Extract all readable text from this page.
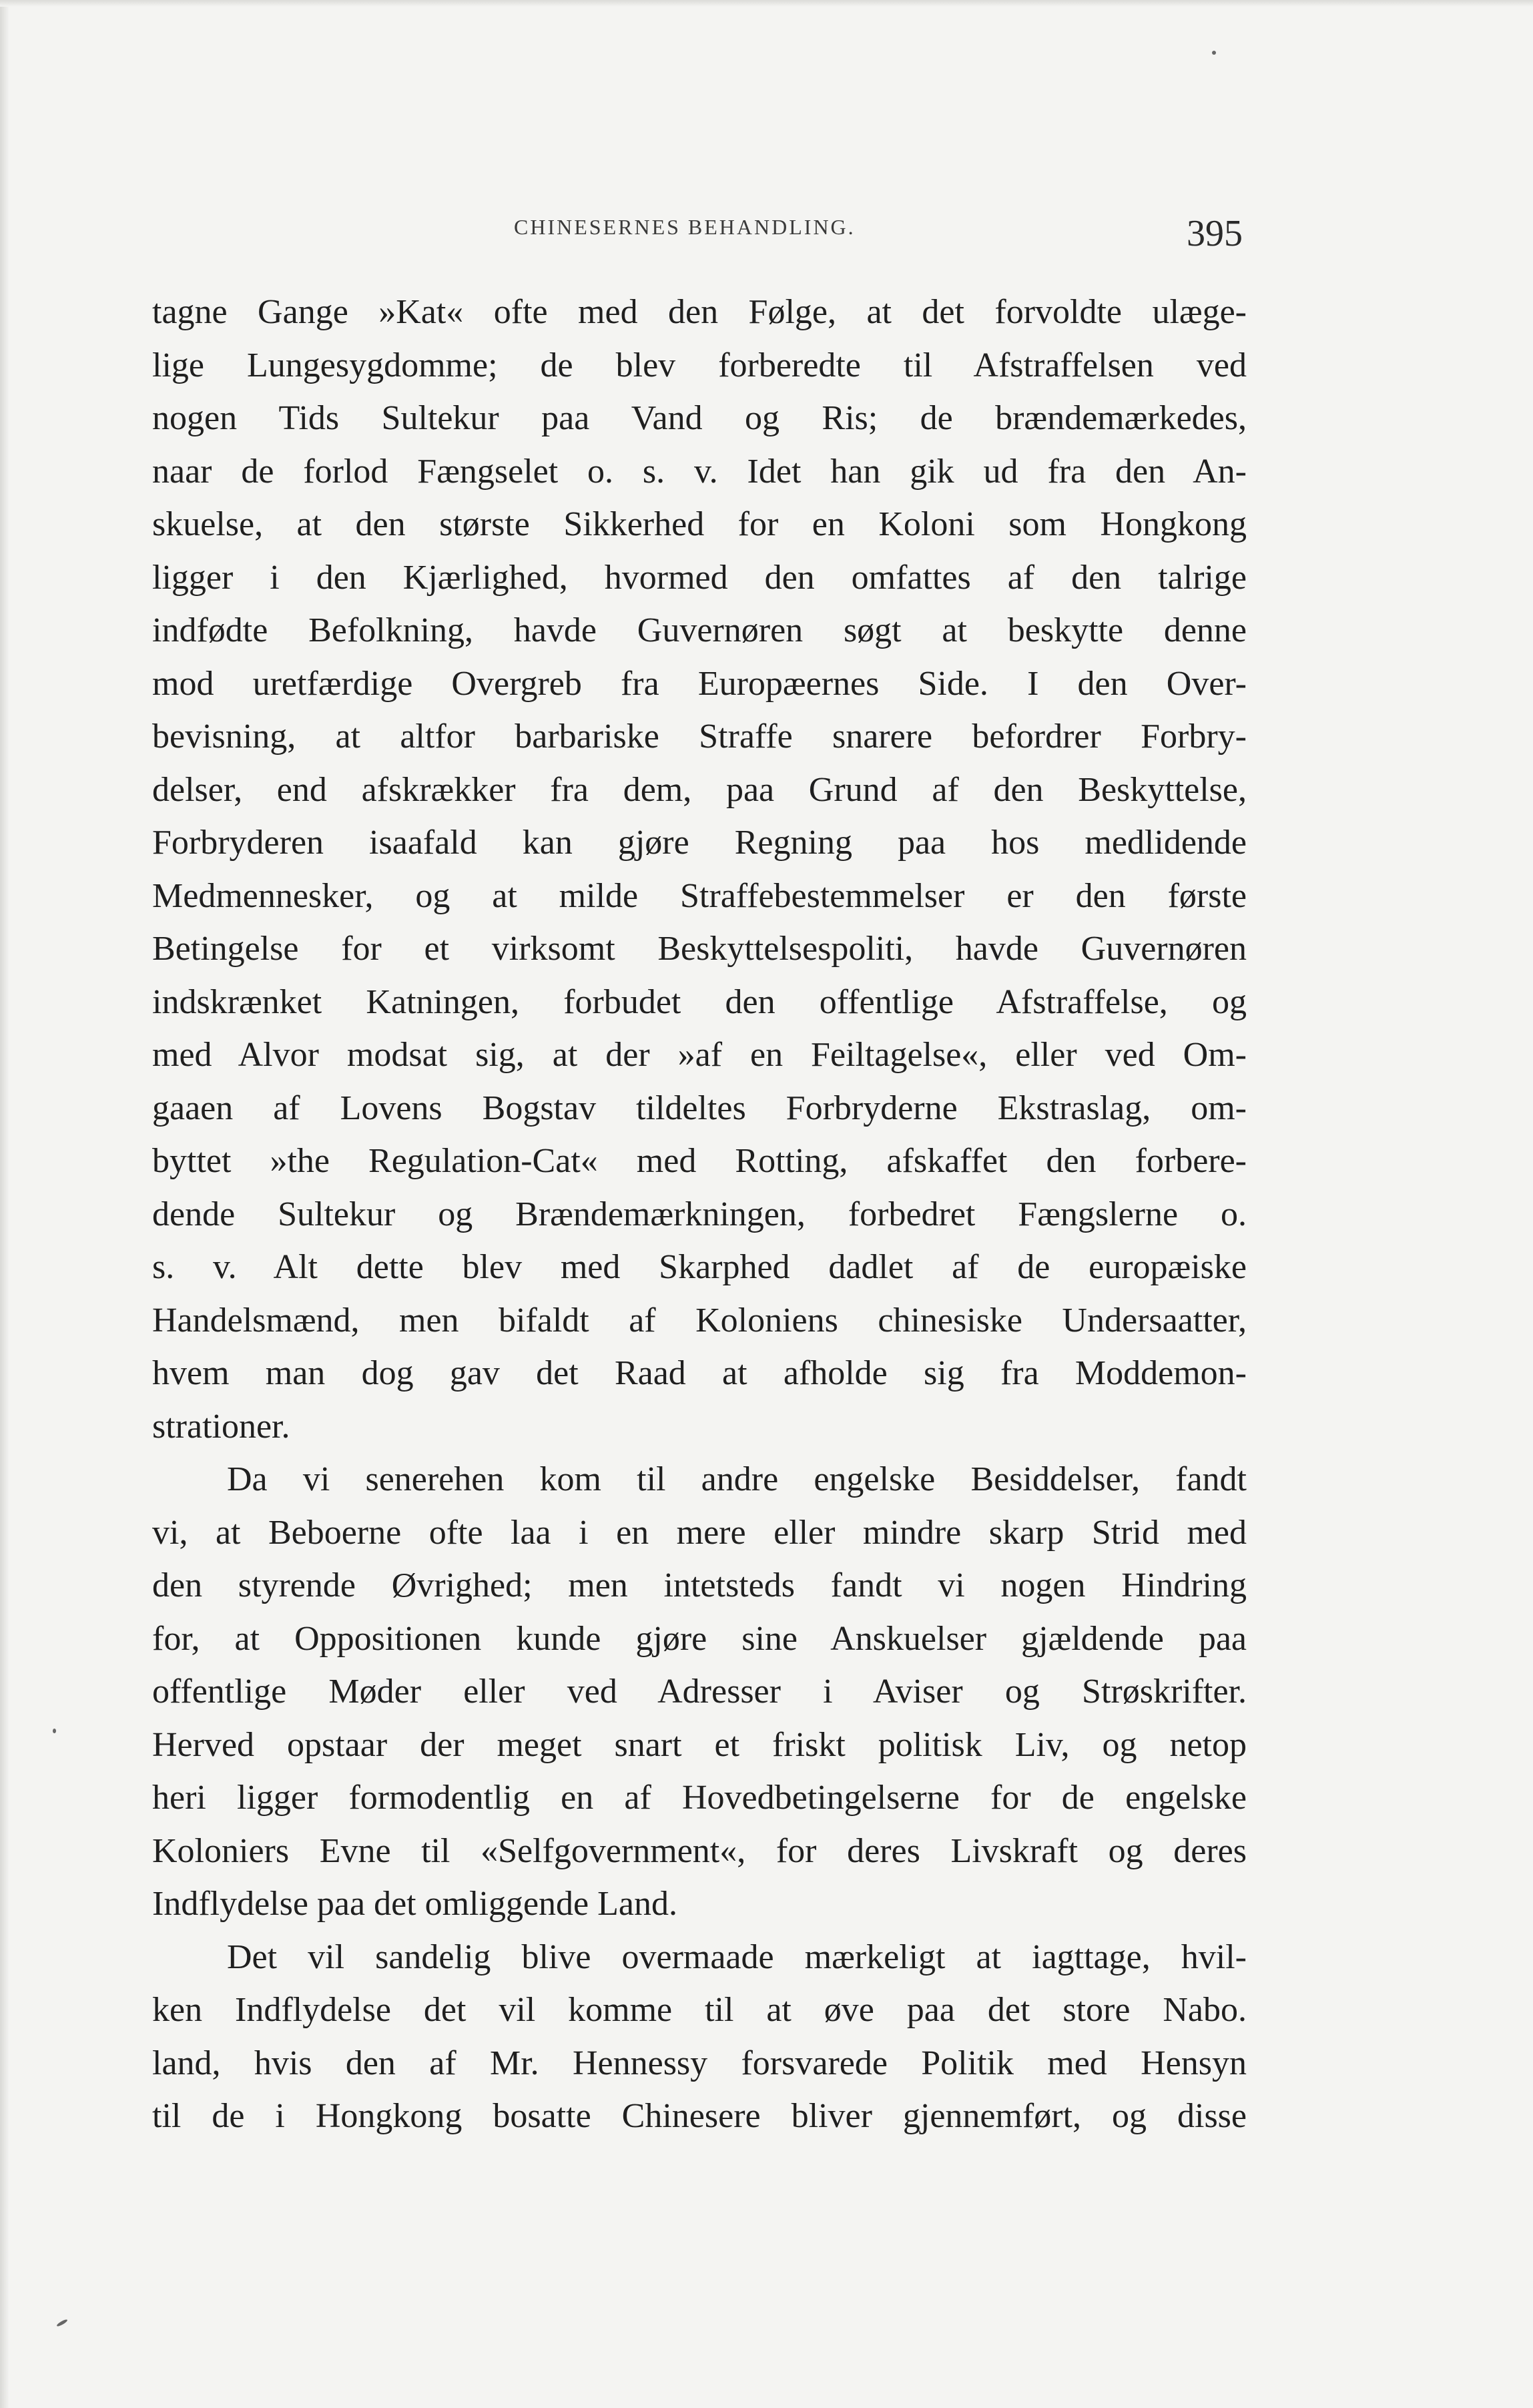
CHINESERNES BEHANDLING.	395
tagne Gange »Kat« ofte med den Følge, at det forvoldte ulæge-
lige Lungesygdomme; de blev forberedte til Afstraffelsen ved
nogen Tids Sultekur paa Vand og Ris; de brændemærkedes,
naar de forlod Fængselet o. s. v. Idet han gik ud fra den An-
skuelse, at den største Sikkerhed for en Koloni som Hongkong
ligger i den Kjærlighed, hvormed den omfattes af den talrige
indfødte Befolkning, havde Guvernøren søgt at beskytte denne
mod uretfærdige Overgreb fra Europæernes Side. I den Over-
bevisning, at altfor barbariske Straffe snarere befordrer Forbry-
delser, end afskrækker fra dem, paa Grund af den Beskyttelse,
Forbryderen isaafald kan gjøre Regning paa hos medlidende
Medmennesker, og at milde Straffebestemmelser er den første
Betingelse for et virksomt Beskyttelsespoliti, havde Guvernøren
indskrænket Katningen, forbudet den offentlige Afstraffelse, og
med Alvor modsat sig, at der »af en Feiltagelse«, eller ved Om-
gaaen af Lovens Bogstav tildeltes Forbryderne Ekstraslag, om-
byttet »the Regulation-Cat« med Rotting, afskaffet den forbere-
dende Sultekur og Brændemærkningen, forbedret Fængslerne o.
s. v. Alt dette blev med Skarphed dadlet af de europæiske
Handelsmænd, men bifaldt af Koloniens chinesiske Undersaatter,
hvem man dog gav det Raad at afholde sig fra Moddemon-
strationer.
Da vi senerehen kom til andre engelske Besiddelser, fandt
vi, at Beboerne ofte laa i en mere eller mindre skarp Strid med
den styrende Øvrighed; men intetsteds fandt vi nogen Hindring
for, at Oppositionen kunde gjøre sine Anskuelser gjældende paa
offentlige Møder eller ved Adresser i Aviser og Strøskrifter.
Herved opstaar der meget snart et friskt politisk Liv, og netop
heri ligger formodentlig en af Hovedbetingelserne for de engelske
Koloniers Evne til «Selfgovernment«, for deres Livskraft og deres
Indflydelse paa det omliggende Land.
Det vil sandelig blive overmaade mærkeligt at iagttage, hvil-
ken Indflydelse det vil komme til at øve paa det store Nabo.
land, hvis den af Mr. Hennessy forsvarede Politik med Hensyn
til de i Hongkong bosatte Chinesere bliver gjennemført, og disse
